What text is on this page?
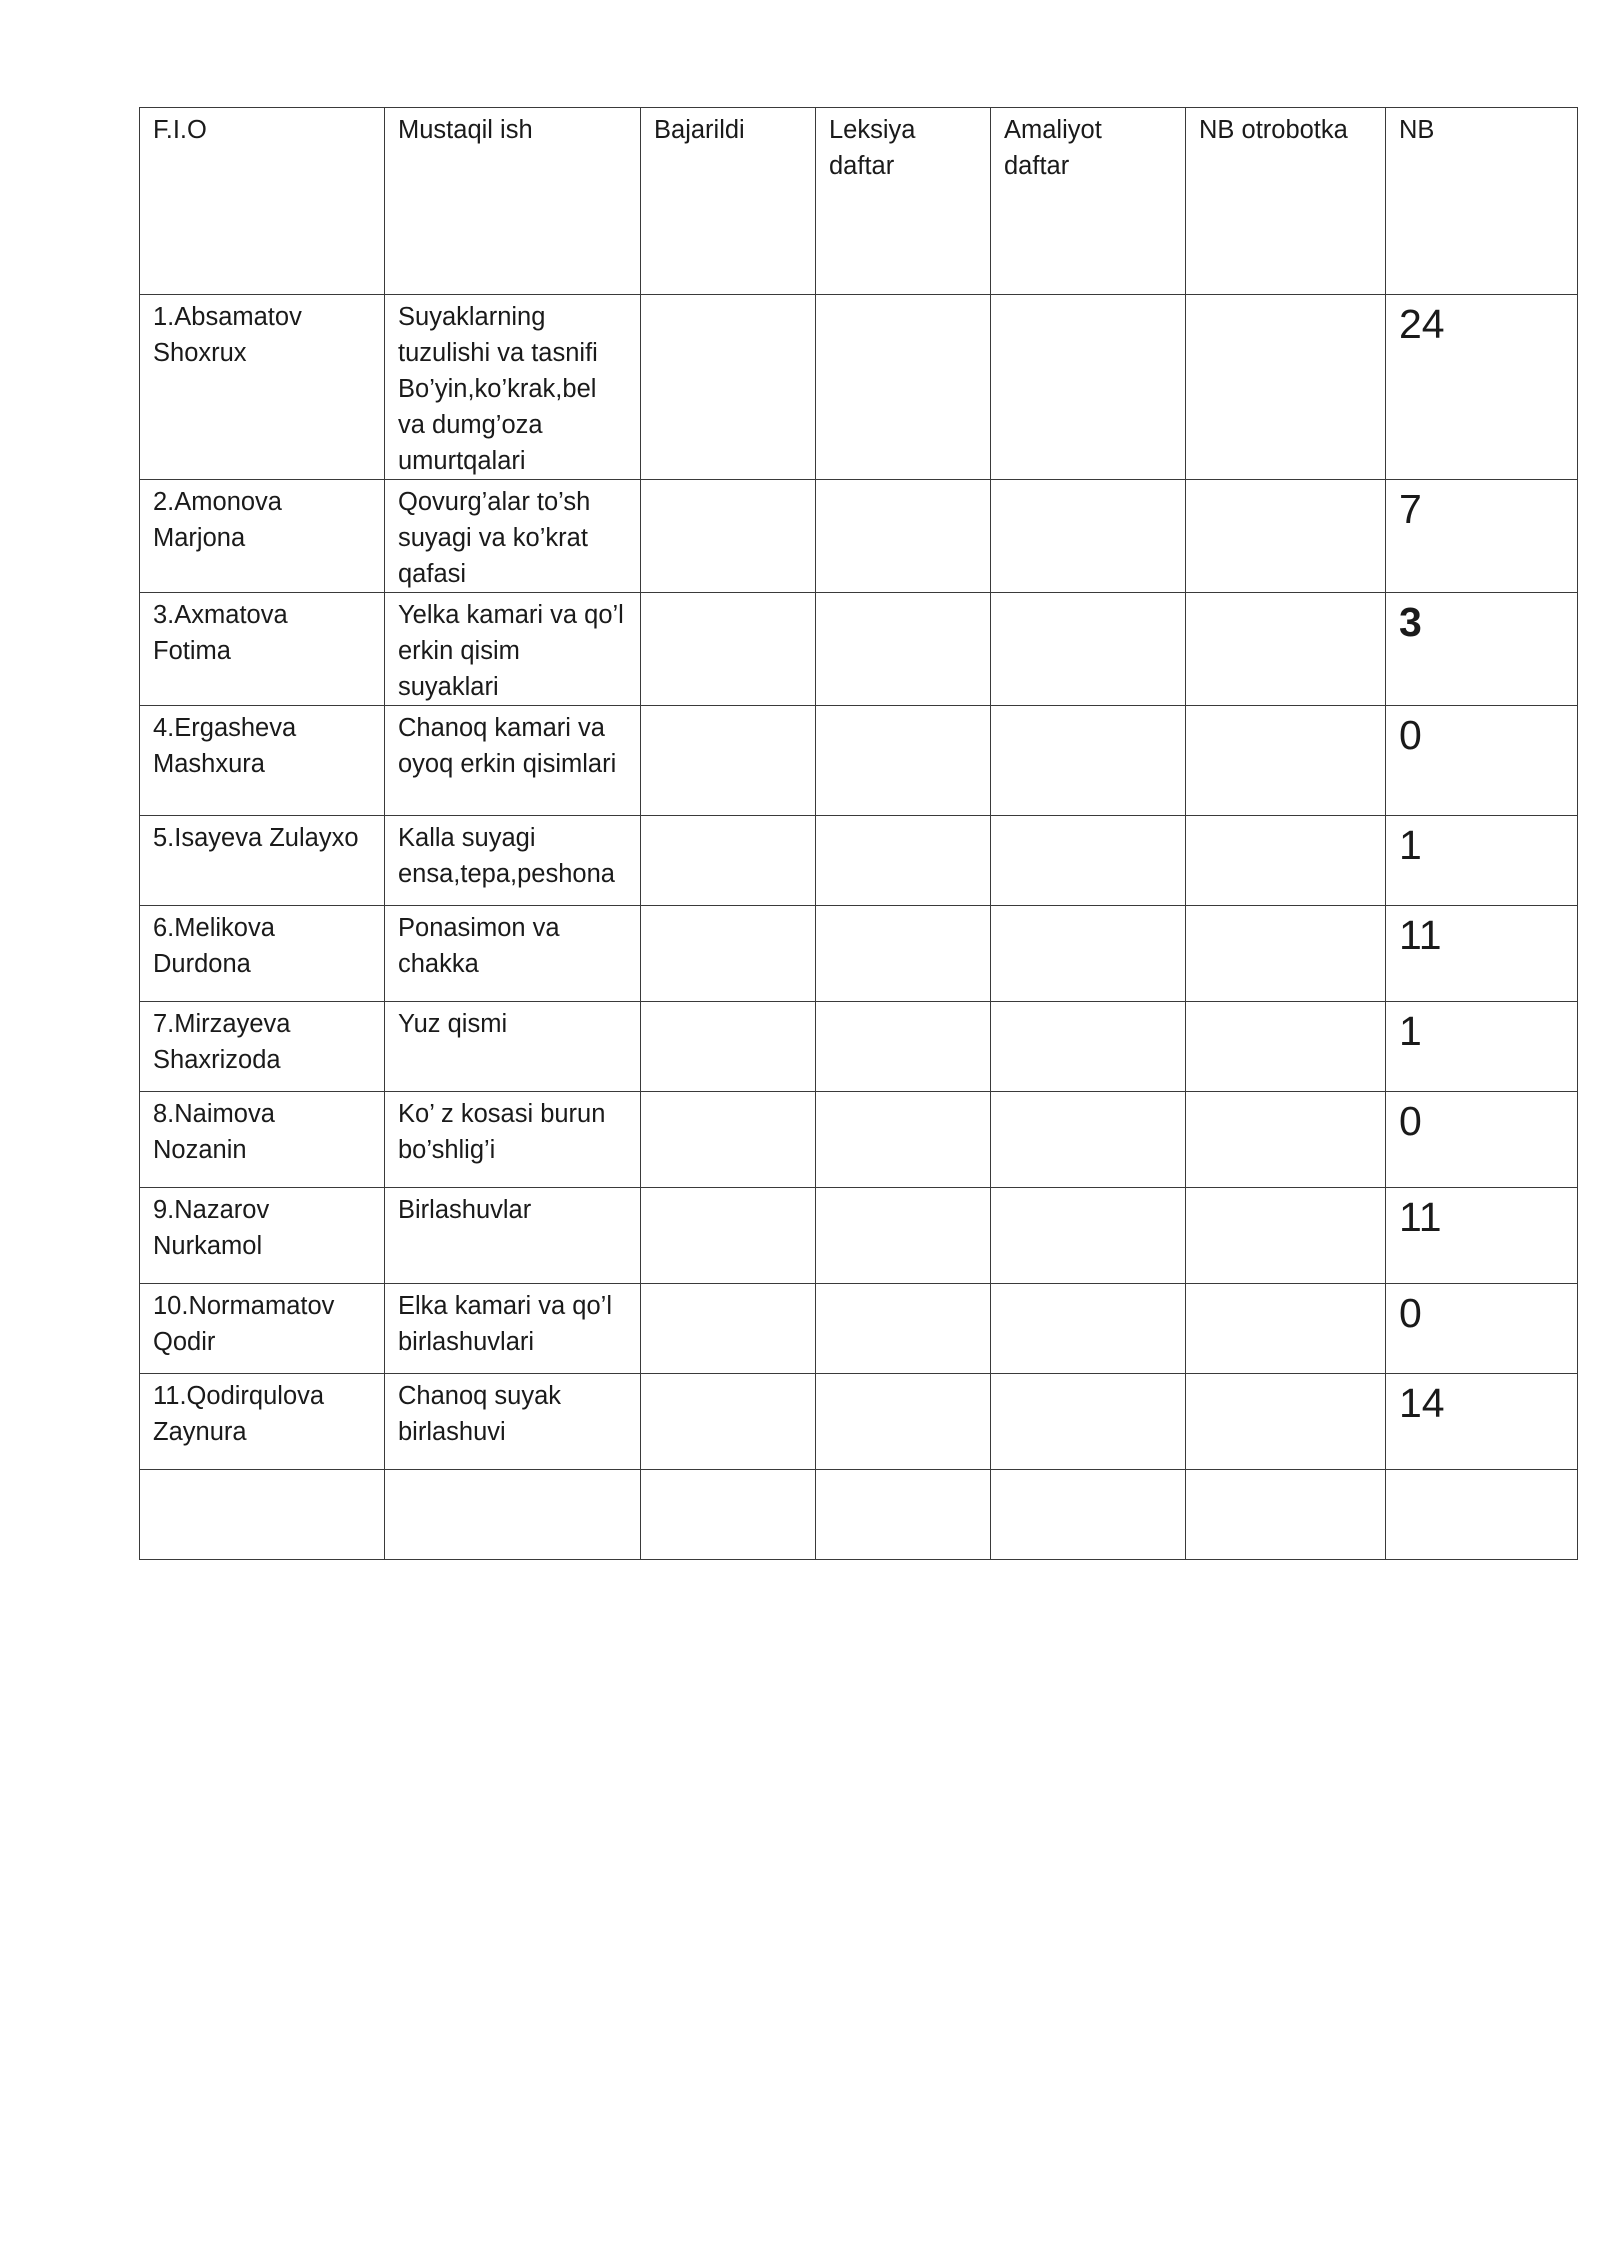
F.I.O	Mustaqil ish	Bajarildi	Leksiya daftar	Amaliyot daftar	NB otrobotka	NB
1.Absamatov Shoxrux	Suyaklarning tuzulishi va tasnifi Bo’yin,ko’krak,bel va dumg’oza umurtqalari					24
2.Amonova Marjona	Qovurg’alar to’sh suyagi va ko’krat qafasi					7
3.Axmatova Fotima	Yelka kamari va qo’l erkin qisim suyaklari					3
4.Ergasheva Mashxura	Chanoq kamari va oyoq erkin qisimlari					0
5.Isayeva Zulayxo	Kalla suyagi ensa,tepa,peshona					1
6.Melikova Durdona	Ponasimon va chakka					11
7.Mirzayeva Shaxrizoda	Yuz qismi					1
8.Naimova Nozanin	Ko’ z kosasi burun bo’shlig’i					0
9.Nazarov Nurkamol	Birlashuvlar					11
10.Normamatov Qodir	Elka kamari va qo’l birlashuvlari					0
11.Qodirqulova Zaynura	Chanoq suyak birlashuvi					14
